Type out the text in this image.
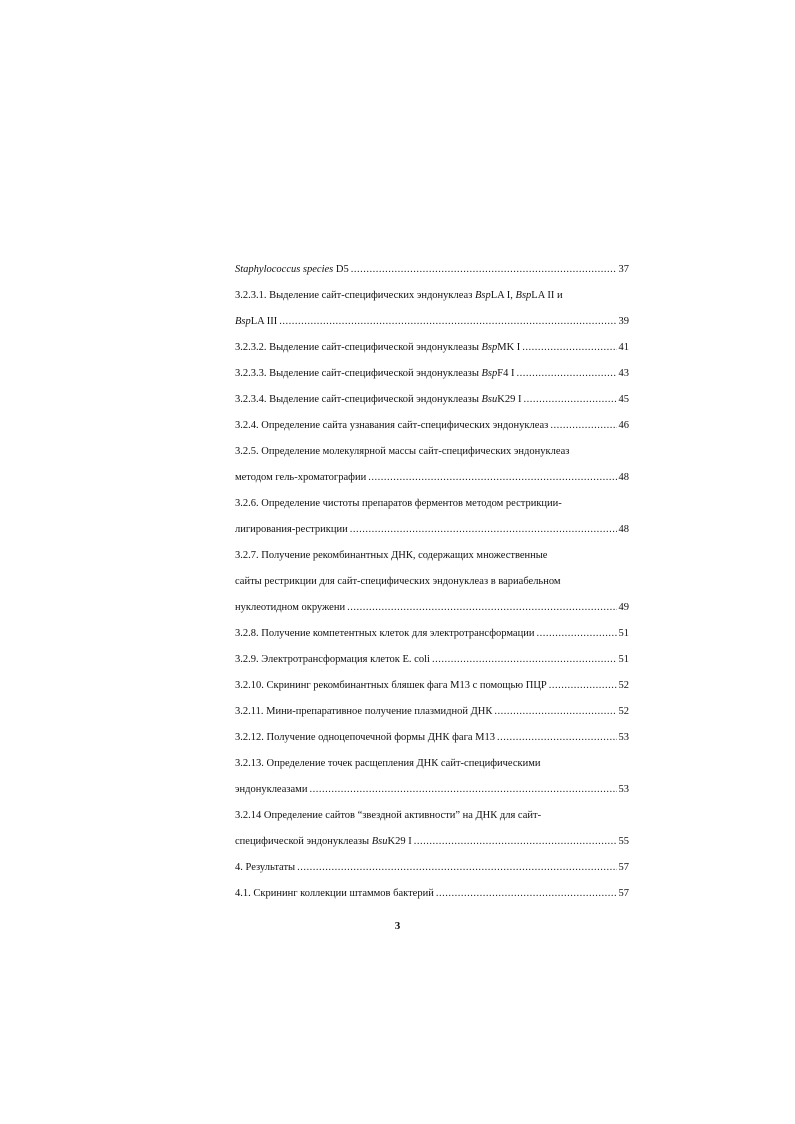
Staphylococcus species D5 .....	37
3.2.3.1. Выделение сайт-специфических эндонуклеаз BspLA I, BspLA II и
BspLA III .....	39
3.2.3.2. Выделение сайт-специфической эндонуклеазы BspMK I .....	41
3.2.3.3. Выделение сайт-специфической эндонуклеазы BspF4 I .....	43
3.2.3.4. Выделение сайт-специфической эндонуклеазы BsuK29 I .....	45
3.2.4. Определение сайта узнавания сайт-специфических эндонуклеаз .....	46
3.2.5. Определение молекулярной массы сайт-специфических эндонуклеаз
методом гель-хроматографии .....	48
3.2.6. Определение чистоты препаратов ферментов методом рестрикции-
лигирования-рестрикции .....	48
3.2.7. Получение рекомбинантных ДНК, содержащих множественные
сайты рестрикции для сайт-специфических эндонуклеаз в вариабельном
нуклеотидном окружени .....	49
3.2.8. Получение компетентных клеток для электротрансформации .....	51
3.2.9. Электротрансформация клеток E. coli .....	51
3.2.10. Скрининг рекомбинантных бляшек фага М13 с помощью ПЦР .....	52
3.2.11. Мини-препаративное получение плазмидной ДНК .....	52
3.2.12. Получение одноцепочечной формы ДНК фага М13 .....	53
3.2.13. Определение точек расщепления ДНК сайт-специфическими
эндонуклеазами .....	53
3.2.14 Определение сайтов “звездной активности” на ДНК для сайт-
специфической эндонуклеазы BsuK29 I .....	55
4. Результаты .....	57
4.1. Скрининг коллекции штаммов бактерий .....	57
3
